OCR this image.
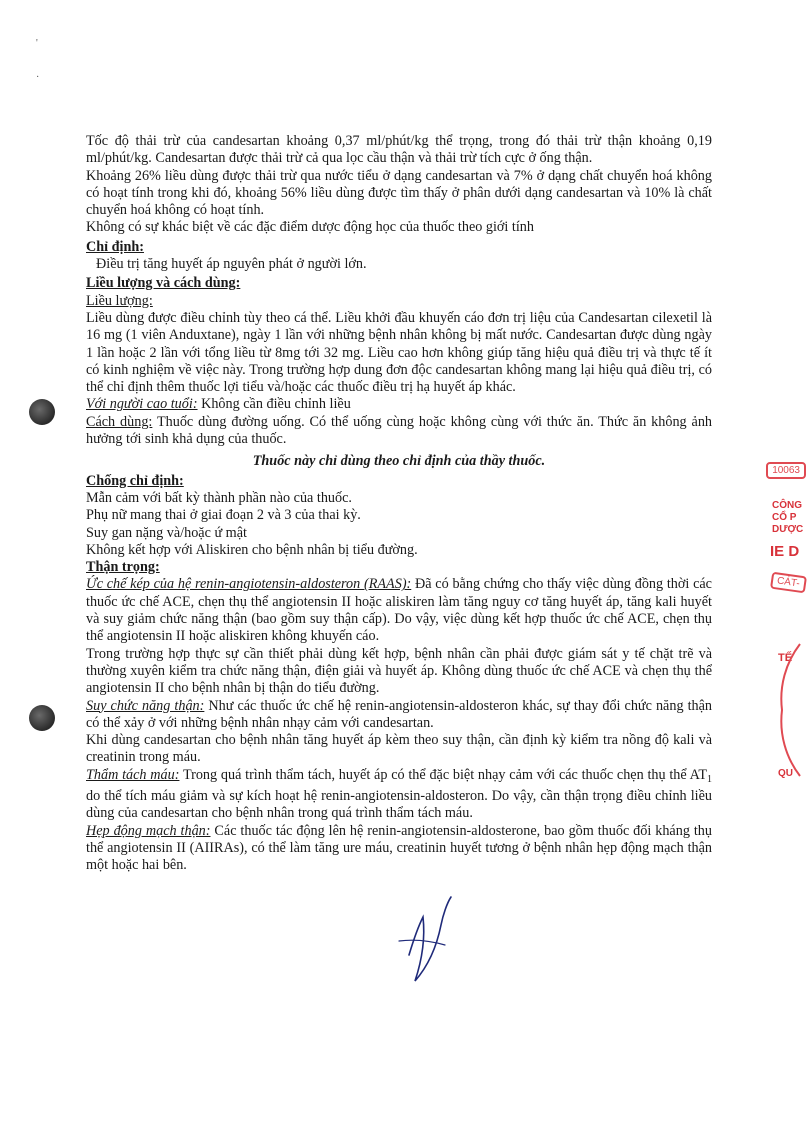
'
·
10063
CÔNG
CỔ P
DƯỢC
IE D
CÁT-
TẾ
QU

Tốc độ thải trừ của candesartan khoảng 0,37 ml/phút/kg thể trọng, trong đó thải trừ thận khoảng 0,19 ml/phút/kg. Candesartan được thải trừ cả qua lọc cầu thận và thải trừ tích cực ở ống thận.

Khoảng 26% liều dùng được thải trừ qua nước tiểu ở dạng candesartan và 7% ở dạng chất chuyển hoá không có hoạt tính trong khi đó, khoảng 56% liều dùng được tìm thấy ở phân dưới dạng candesartan và 10% là chất chuyển hoá không có hoạt tính.

Không có sự khác biệt về các đặc điểm dược động học của thuốc theo giới tính

Chỉ định:

Điều trị tăng huyết áp nguyên phát ở người lớn.

Liều lượng và cách dùng:

Liều lượng:

Liều dùng được điều chỉnh tùy theo cá thể. Liều khởi đầu khuyến cáo đơn trị liệu của Candesartan cilexetil là 16 mg (1 viên Anduxtane), ngày 1 lần với những bệnh nhân không bị mất nước. Candesartan được dùng ngày 1 lần hoặc 2 lần với tổng liều từ 8mg tới 32 mg. Liều cao hơn không giúp tăng hiệu quả điều trị và thực tế ít có kinh nghiệm về việc này. Trong trường hợp dung đơn độc candesartan không mang lại hiệu quả điều trị, có thể chỉ định thêm thuốc lợi tiểu và/hoặc các thuốc điều trị hạ huyết áp khác.

Với người cao tuổi: Không cần điều chỉnh liều

Cách dùng: Thuốc dùng đường uống. Có thể uống cùng hoặc không cùng với thức ăn. Thức ăn không ảnh hưởng tới sinh khả dụng của thuốc.

Thuốc này chỉ dùng theo chỉ định của thầy thuốc.

Chống chỉ định:

Mẫn cảm với bất kỳ thành phần nào của thuốc.

Phụ nữ mang thai ở giai đoạn 2 và 3 của thai kỳ.

Suy gan nặng và/hoặc ứ mật

Không kết hợp với Aliskiren cho bệnh nhân bị tiểu đường.

Thận trọng:

Ức chế kép của hệ renin-angiotensin-aldosteron (RAAS): Đã có bằng chứng cho thấy việc dùng đồng thời các thuốc ức chế ACE, chẹn thụ thể angiotensin II hoặc aliskiren làm tăng nguy cơ tăng huyết áp, tăng kali huyết và suy giảm chức năng thận (bao gồm suy thận cấp). Do vậy, việc dùng kết hợp thuốc ức chế ACE, chẹn thụ thể angiotensin II hoặc aliskiren không khuyến cáo.

Trong trường hợp thực sự cần thiết phải dùng kết hợp, bệnh nhân cần phải được giám sát y tế chặt trẽ và thường xuyên kiểm tra chức năng thận, điện giải và huyết áp. Không dùng thuốc ức chế ACE và chẹn thụ thể angiotensin II cho bệnh nhân bị thận do tiểu đường.

Suy chức năng thận: Như các thuốc ức chế hệ renin-angiotensin-aldosteron khác, sự thay đổi chức năng thận có thể xảy ở với những bệnh nhân nhạy cảm với candesartan.

Khi dùng candesartan cho bệnh nhân tăng huyết áp kèm theo suy thận, cần định kỳ kiểm tra nồng độ kali và creatinin trong máu.

Thẩm tách máu: Trong quá trình thẩm tách, huyết áp có thể đặc biệt nhạy cảm với các thuốc chẹn thụ thể $AT_1$ do thể tích máu giảm và sự kích hoạt hệ renin-angiotensin-aldosteron. Do vậy, cần thận trọng điều chỉnh liều dùng của candesartan cho bệnh nhân trong quá trình thẩm tách máu.

Hẹp động mạch thận: Các thuốc tác động lên hệ renin-angiotensin-aldosterone, bao gồm thuốc đối kháng thụ thể angiotensin II (AIIRAs), có thể làm tăng ure máu, creatinin huyết tương ở bệnh nhân hẹp động mạch thận một hoặc hai bên.
